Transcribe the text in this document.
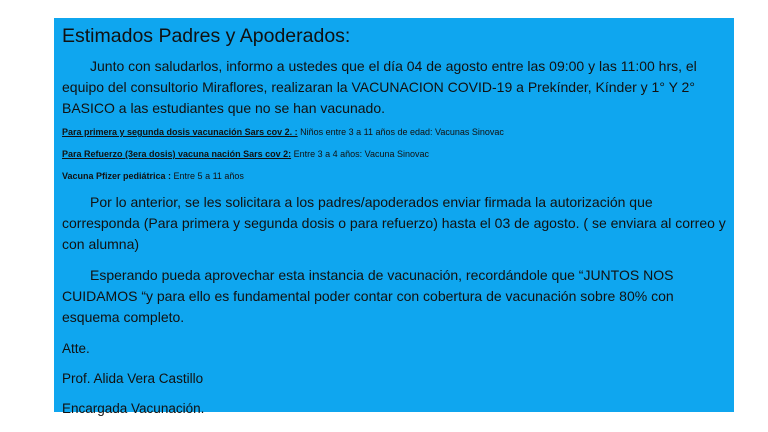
Estimados Padres y Apoderados:

Junto con saludarlos, informo a ustedes que el día 04 de agosto entre las 09:00 y las 11:00 hrs, el equipo del consultorio Miraflores, realizaran la VACUNACION COVID-19 a Prekínder, Kínder y 1° Y 2° BASICO a las estudiantes que no se han vacunado.

Para primera y segunda dosis vacunación Sars cov 2. : Niños entre 3 a 11 años de edad: Vacunas Sinovac
Para Refuerzo (3era dosis) vacuna nación Sars cov 2: Entre 3 a 4 años: Vacuna Sinovac
Vacuna Pfizer pediátrica : Entre 5 a 11 años

Por lo anterior, se les solicitara a los padres/apoderados enviar firmada la autorización que corresponda (Para primera y segunda dosis o para refuerzo) hasta el 03 de agosto. ( se enviara al correo y con alumna)

Esperando pueda aprovechar esta instancia de vacunación, recordándole que “JUNTOS NOS CUIDAMOS “y para ello es fundamental poder contar con cobertura de vacunación sobre 80% con esquema completo.

Atte.
Prof. Alida Vera Castillo
Encargada Vacunación.
